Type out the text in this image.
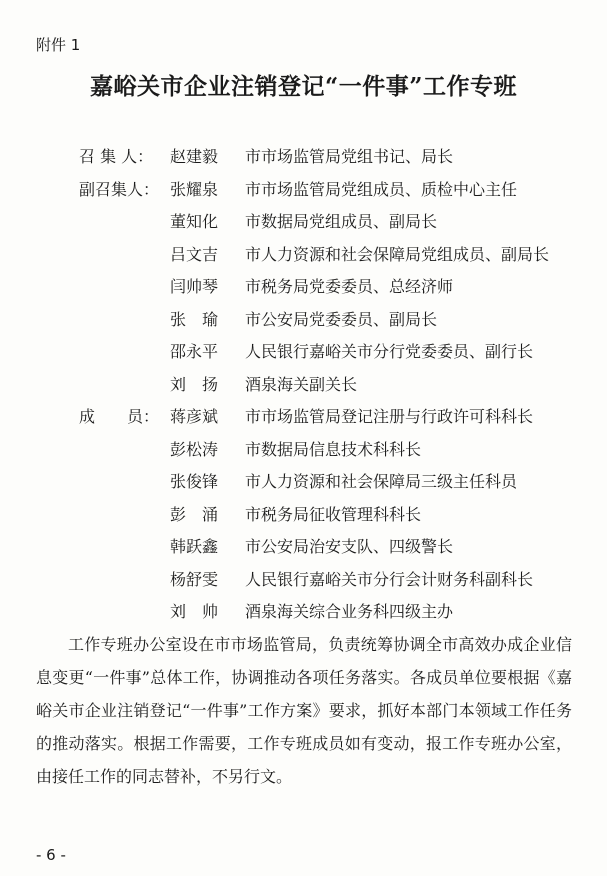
附件 1
嘉峪关市企业注销登记“一件事”工作专班
召 集 人：	赵建毅	市市场监管局党组书记、局长
副召集人： 张耀泉	市市场监管局党组成员、质检中心主任
董知化	市数据局党组成员、副局长
吕文吉	市人力资源和社会保障局党组成员、副局长
闫帅琴	市税务局党委委员、总经济师
张　瑜	市公安局党委委员、副局长
邵永平	人民银行嘉峪关市分行党委委员、副行长
刘　扬	酒泉海关副关长
成　　员： 蒋彦斌	市市场监管局登记注册与行政许可科科长
彭松涛	市数据局信息技术科科长
张俊锋	市人力资源和社会保障局三级主任科员
彭　涌	市税务局征收管理科科长
韩跃鑫	市公安局治安支队、四级警长
杨舒雯	人民银行嘉峪关市分行会计财务科副科长
刘　帅	酒泉海关综合业务科四级主办
工作专班办公室设在市市场监管局，负责统筹协调全市高效办成企业信息变更“一件事”总体工作，协调推动各项任务落实。各成员单位要根据《嘉峪关市企业注销登记“一件事”工作方案》要求，抓好本部门本领域工作任务的推动落实。根据工作需要，工作专班成员如有变动，报工作专班办公室，由接任工作的同志替补，不另行文。
- 6 -
